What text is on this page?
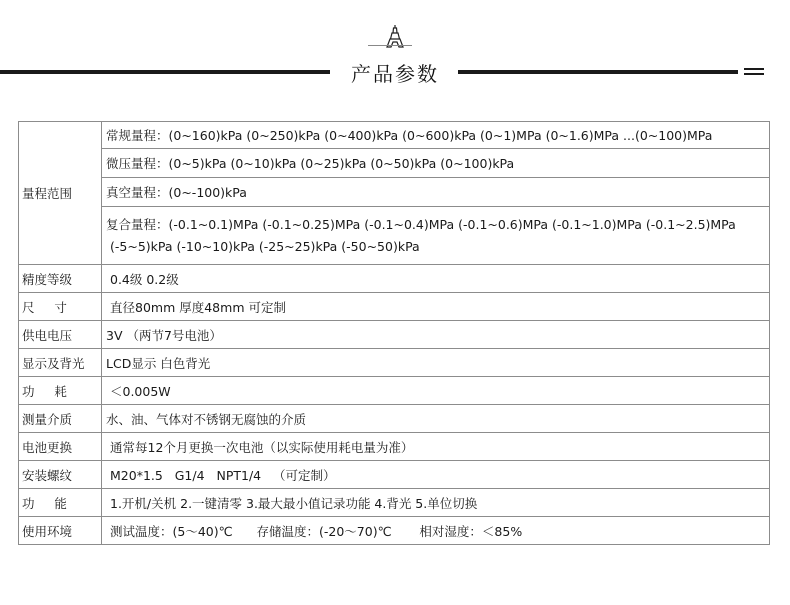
产品参数
量程范围	常规量程：(0~160)kPa (0~250)kPa (0~400)kPa (0~600)kPa (0~1)MPa (0~1.6)MPa ...(0~100)MPa
	微压量程：(0~5)kPa (0~10)kPa (0~25)kPa (0~50)kPa (0~100)kPa
	真空量程：(0~-100)kPa

	复合量程：(-0.1~0.1)MPa (-0.1~0.25)MPa (-0.1~0.4)MPa (-0.1~0.6)MPa (-0.1~1.0)MPa (-0.1~2.5)MPa
(-5~5)kPa (-10~10)kPa (-25~25)kPa (-50~50)kPa

精度等级	0.4级 0.2级
尺     寸	直径80mm 厚度48mm 可定制
供电电压	3V （两节7号电池）
显示及背光	LCD显示 白色背光
功     耗	＜0.005W
测量介质	水、油、气体对不锈钢无腐蚀的介质
电池更换	通常每12个月更换一次电池（以实际使用耗电量为准）
安装螺纹	M20*1.5   G1/4   NPT1/4   （可定制）
功     能	1.开机/关机 2.一键清零 3.最大最小值记录功能 4.背光 5.单位切换
使用环境	测试温度：(5～40)℃      存储温度：(-20～70)℃       相对湿度：＜85%
